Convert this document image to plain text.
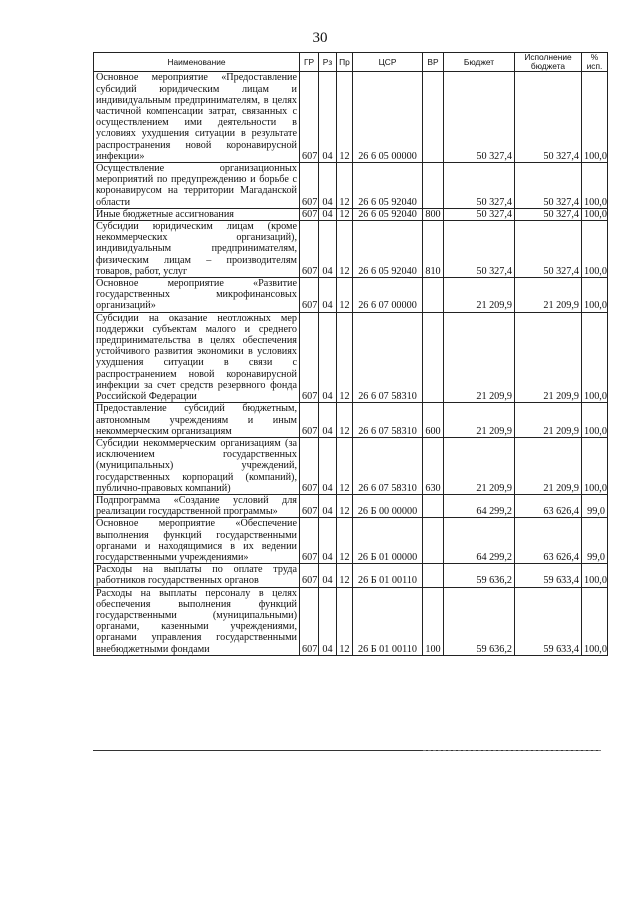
30
Наименование	ГР	Рз	Пр	ЦСР	ВР	Бюджет	Исполнение бюджета	% исп.
Основное мероприятие «Предоставление субсидий юридическим лицам и индивидуальным предпринимателям, в целях частичной компенсации затрат, связанных с осуществлением ими деятельности в условиях ухудшения ситуации в результате распространения новой коронавирусной инфекции»	607	04	12	26 6 05 00000		50 327,4	50 327,4	100,0
Осуществление организационных мероприятий по предупреждению и борьбе с коронавирусом на территории Магаданской области	607	04	12	26 6 05 92040		50 327,4	50 327,4	100,0
Иные бюджетные ассигнования	607	04	12	26 6 05 92040	800	50 327,4	50 327,4	100,0
Субсидии юридическим лицам (кроме некоммерческих организаций), индивидуальным предпринимателям, физическим лицам – производителям товаров, работ, услуг	607	04	12	26 6 05 92040	810	50 327,4	50 327,4	100,0
Основное мероприятие «Развитие государственных микрофинансовых организаций»	607	04	12	26 6 07 00000		21 209,9	21 209,9	100,0
Субсидии на оказание неотложных мер поддержки субъектам малого и среднего предпринимательства в целях обеспечения устойчивого развития экономики в условиях ухудшения ситуации в связи с распространением новой коронавирусной инфекции за счет средств резервного фонда Российской Федерации	607	04	12	26 6 07 58310		21 209,9	21 209,9	100,0
Предоставление субсидий бюджетным, автономным учреждениям и иным некоммерческим организациям	607	04	12	26 6 07 58310	600	21 209,9	21 209,9	100,0
Субсидии некоммерческим организациям (за исключением государственных (муниципальных) учреждений, государственных корпораций (компаний), публично-правовых компаний)	607	04	12	26 6 07 58310	630	21 209,9	21 209,9	100,0
Подпрограмма «Создание условий для реализации государственной программы»	607	04	12	26 Б 00 00000		64 299,2	63 626,4	99,0
Основное мероприятие «Обеспечение выполнения функций государственными органами и находящимися в их ведении государственными учреждениями»	607	04	12	26 Б 01 00000		64 299,2	63 626,4	99,0
Расходы на выплаты по оплате труда работников государственных органов	607	04	12	26 Б 01 00110		59 636,2	59 633,4	100,0
Расходы на выплаты персоналу в целях обеспечения выполнения функций государственными (муниципальными) органами, казенными учреждениями, органами управления государственными внебюджетными фондами	607	04	12	26 Б 01 00110	100	59 636,2	59 633,4	100,0
